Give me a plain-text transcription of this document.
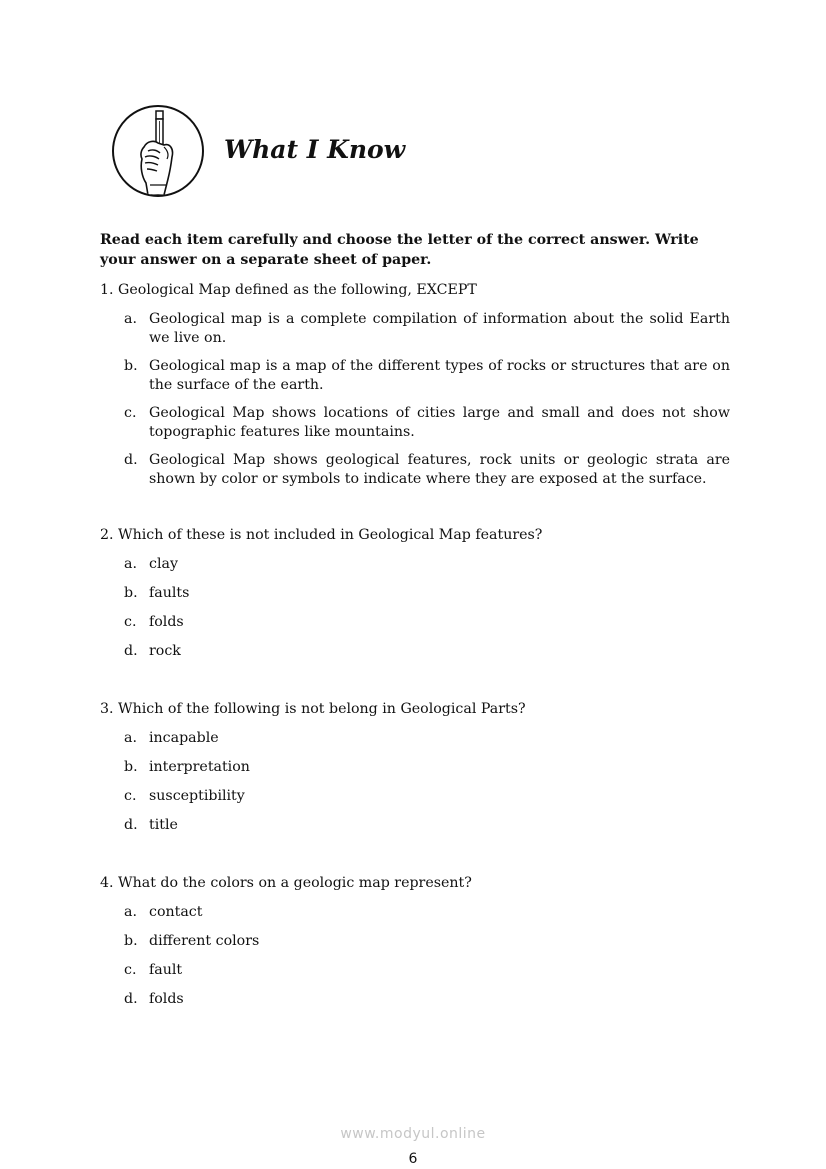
What I Know
Read each item carefully and choose the letter of the correct answer. Write your answer on a separate sheet of paper.

1. Geological Map defined as the following, EXCEPT

a. Geological map is a complete compilation of information about the solid Earth we live on.
b. Geological map is a map of the different types of rocks or structures that are on the surface of the earth.
c. Geological Map shows locations of cities large and small and does not show topographic features like mountains.
d. Geological Map shows geological features, rock units or geologic strata are shown by color or symbols to indicate where they are exposed at the surface.

2. Which of these is not included in Geological Map features?

a. clay
b. faults
c. folds
d. rock

3. Which of the following is not belong in Geological Parts?

a. incapable
b. interpretation
c. susceptibility
d. title

4. What do the colors on a geologic map represent?

a. contact
b. different colors
c. fault
d. folds
www.modyul.online
6
